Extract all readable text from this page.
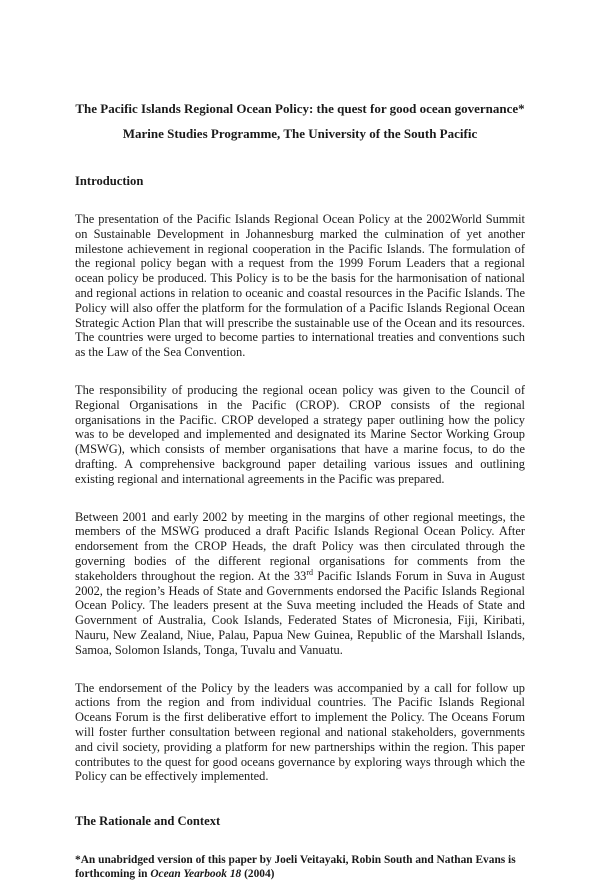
The Pacific Islands Regional Ocean Policy: the quest for good ocean governance*
Marine Studies Programme, The University of the South Pacific
Introduction

The presentation of the Pacific Islands Regional Ocean Policy at the 2002World Summit on Sustainable Development in Johannesburg marked the culmination of yet another milestone achievement in regional cooperation in the Pacific Islands. The formulation of the regional policy began with a request from the 1999 Forum Leaders that a regional ocean policy be produced. This Policy is to be the basis for the harmonisation of national and regional actions in relation to oceanic and coastal resources in the Pacific Islands. The Policy will also offer the platform for the formulation of a Pacific Islands Regional Ocean Strategic Action Plan that will prescribe the sustainable use of the Ocean and its resources. The countries were urged to become parties to international treaties and conventions such as the Law of the Sea Convention.

The responsibility of producing the regional ocean policy was given to the Council of Regional Organisations in the Pacific (CROP). CROP consists of the regional organisations in the Pacific. CROP developed a strategy paper outlining how the policy was to be developed and implemented and designated its Marine Sector Working Group (MSWG), which consists of member organisations that have a marine focus, to do the drafting. A comprehensive background paper detailing various issues and outlining existing regional and international agreements in the Pacific was prepared.

Between 2001 and early 2002 by meeting in the margins of other regional meetings, the members of the MSWG produced a draft Pacific Islands Regional Ocean Policy. After endorsement from the CROP Heads, the draft Policy was then circulated through the governing bodies of the different regional organisations for comments from the stakeholders throughout the region. At the 33rd Pacific Islands Forum in Suva in August 2002, the region’s Heads of State and Governments endorsed the Pacific Islands Regional Ocean Policy. The leaders present at the Suva meeting included the Heads of State and Government of Australia, Cook Islands, Federated States of Micronesia, Fiji, Kiribati, Nauru, New Zealand, Niue, Palau, Papua New Guinea, Republic of the Marshall Islands, Samoa, Solomon Islands, Tonga, Tuvalu and Vanuatu.

The endorsement of the Policy by the leaders was accompanied by a call for follow up actions from the region and from individual countries. The Pacific Islands Regional Oceans Forum is the first deliberative effort to implement the Policy. The Oceans Forum will foster further consultation between regional and national stakeholders, governments and civil society, providing a platform for new partnerships within the region. This paper contributes to the quest for good oceans governance by exploring ways through which the Policy can be effectively implemented.

The Rationale and Context
*An unabridged version of this paper by Joeli Veitayaki, Robin South and Nathan Evans is forthcoming in Ocean Yearbook 18 (2004)
